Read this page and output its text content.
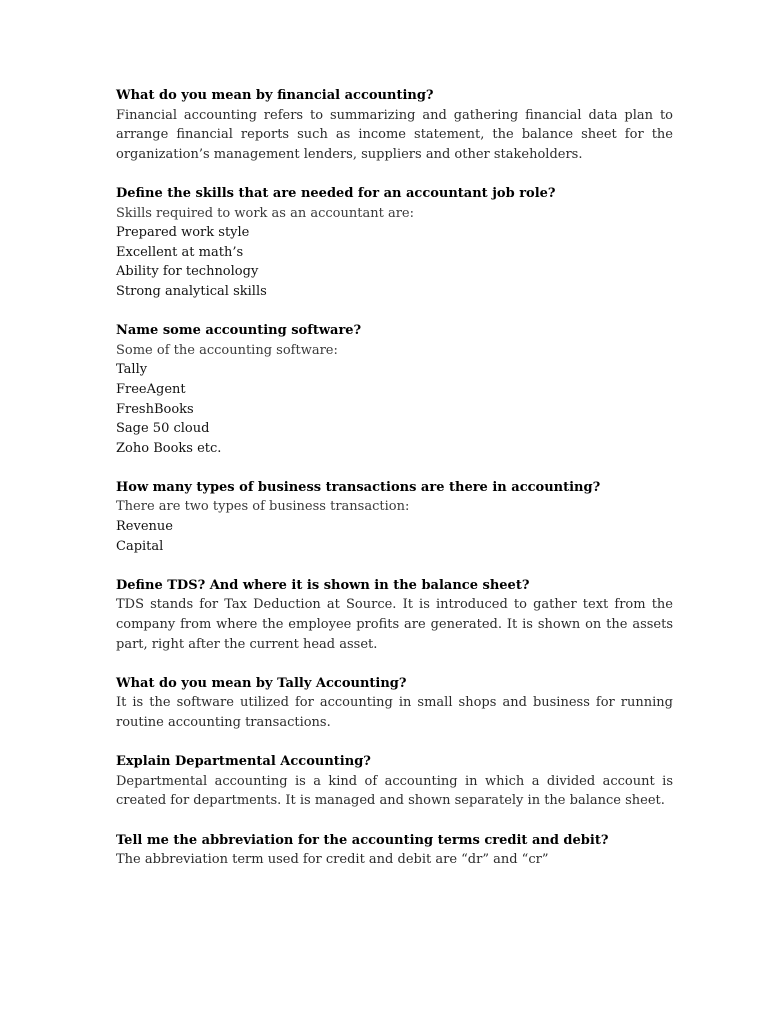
What do you mean by financial accounting?

Financial accounting refers to summarizing and gathering financial data plan to arrange financial reports such as income statement, the balance sheet for the organization’s management lenders, suppliers and other stakeholders.

Define the skills that are needed for an accountant job role?

Skills required to work as an accountant are:

Prepared work style
Excellent at math’s
Ability for technology
Strong analytical skills

Name some accounting software?

Some of the accounting software:

Tally
FreeAgent
FreshBooks
Sage 50 cloud
Zoho Books etc.

How many types of business transactions are there in accounting?

There are two types of business transaction:

Revenue
Capital

Define TDS? And where it is shown in the balance sheet?

TDS stands for Tax Deduction at Source. It is introduced to gather text from the company from where the employee profits are generated. It is shown on the assets part, right after the current head asset.

What do you mean by Tally Accounting?

It is the software utilized for accounting in small shops and business for running routine accounting transactions.

Explain Departmental Accounting?

Departmental accounting is a kind of accounting in which a divided account is created for departments. It is managed and shown separately in the balance sheet.

Tell me the abbreviation for the accounting terms credit and debit?

The abbreviation term used for credit and debit are “dr” and “cr”
